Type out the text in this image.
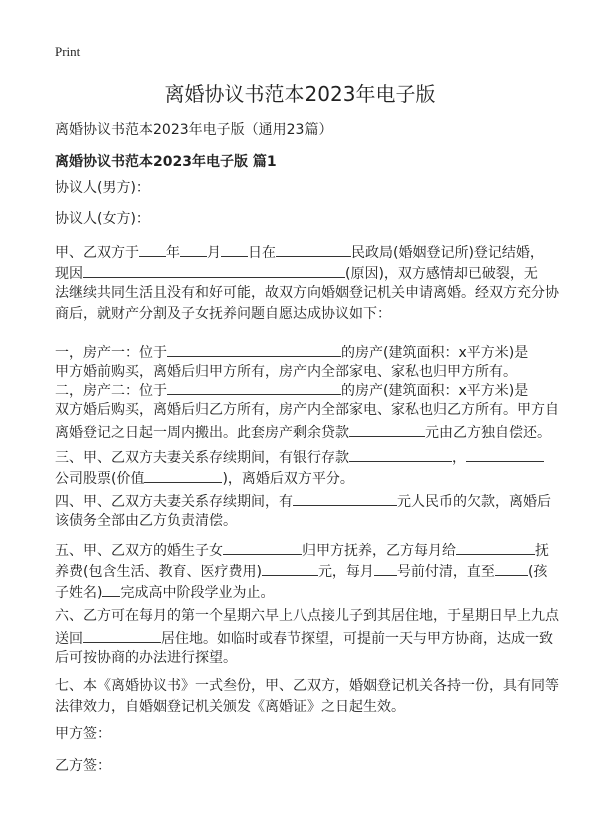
Print
离婚协议书范本2023年电子版
离婚协议书范本2023年电子版（通用23篇）
离婚协议书范本2023年电子版 篇1
协议人(男方)：
协议人(女方)：
甲、乙双方于 年 月 日在	民政局(婚姻登记所)登记结婚，
现因	(原因)，双方感情却已破裂，无
法继续共同生活且没有和好可能，故双方向婚姻登记机关申请离婚。经双方充分协
商后，就财产分割及子女抚养问题自愿达成协议如下：
一，房产一：位于	的房产(建筑面积：x平方米)是
甲方婚前购买，离婚后归甲方所有，房产内全部家电、家私也归甲方所有。
二，房产二：位于	的房产(建筑面积：x平方米)是
双方婚后购买，离婚后归乙方所有，房产内全部家电、家私也归乙方所有。甲方自
离婚登记之日起一周内搬出。此套房产剩余贷款	元由乙方独自偿还。
三、甲、乙双方夫妻关系存续期间，有银行存款	，
公司股票(价值	)，离婚后双方平分。
四、甲、乙双方夫妻关系存续期间，有	元人民币的欠款，离婚后
该债务全部由乙方负责清偿。
五、甲、乙双方的婚生子女	归甲方抚养，乙方每月给	抚
养费(包含生活、教育、医疗费用)	元，每月 号前付清，直至 (孩
子姓名) 完成高中阶段学业为止。
六、乙方可在每月的第一个星期六早上八点接儿子到其居住地，于星期日早上九点
送回	居住地。如临时或春节探望，可提前一天与甲方协商，达成一致
后可按协商的办法进行探望。
七、本《离婚协议书》一式叁份，甲、乙双方，婚姻登记机关各持一份，具有同等
法律效力，自婚姻登记机关颁发《离婚证》之日起生效。
甲方签：
乙方签：
